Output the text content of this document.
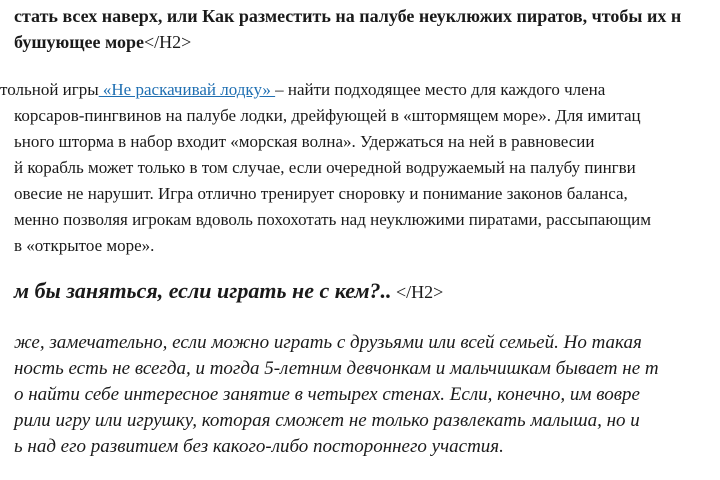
стать всех наверх, или Как разместить на палубе неуклюжих пиратов, чтобы их н
бушующее море</H2>
тольной игры «Не раскачивай лодку» – найти подходящее место для каждого члена
корсаров-пингвинов на палубе лодки, дрейфующей в «штормящем море». Для имитац
ьного шторма в набор входит «морская волна». Удержаться на ней в равновесии
й корабль может только в том случае, если очередной водружаемый на палубу пингви
овесие не нарушит. Игра отлично тренирует сноровку и понимание законов баланса,
менно позволяя игрокам вдоволь похохотать над неуклюжими пиратами, рассыпающим
в «открытое море».
м бы заняться, если играть не с кем?.. </H2>
же, замечательно, если можно играть с друзьями или всей семьей. Но такая
ность есть не всегда, и тогда 5-летним девчонкам и мальчишкам бывает не т
о найти себе интересное занятие в четырех стенах. Если, конечно, им вовре
рили игру или игрушку, которая сможет не только развлекать малыша, но и
ь над его развитием без какого-либо постороннего участия.
